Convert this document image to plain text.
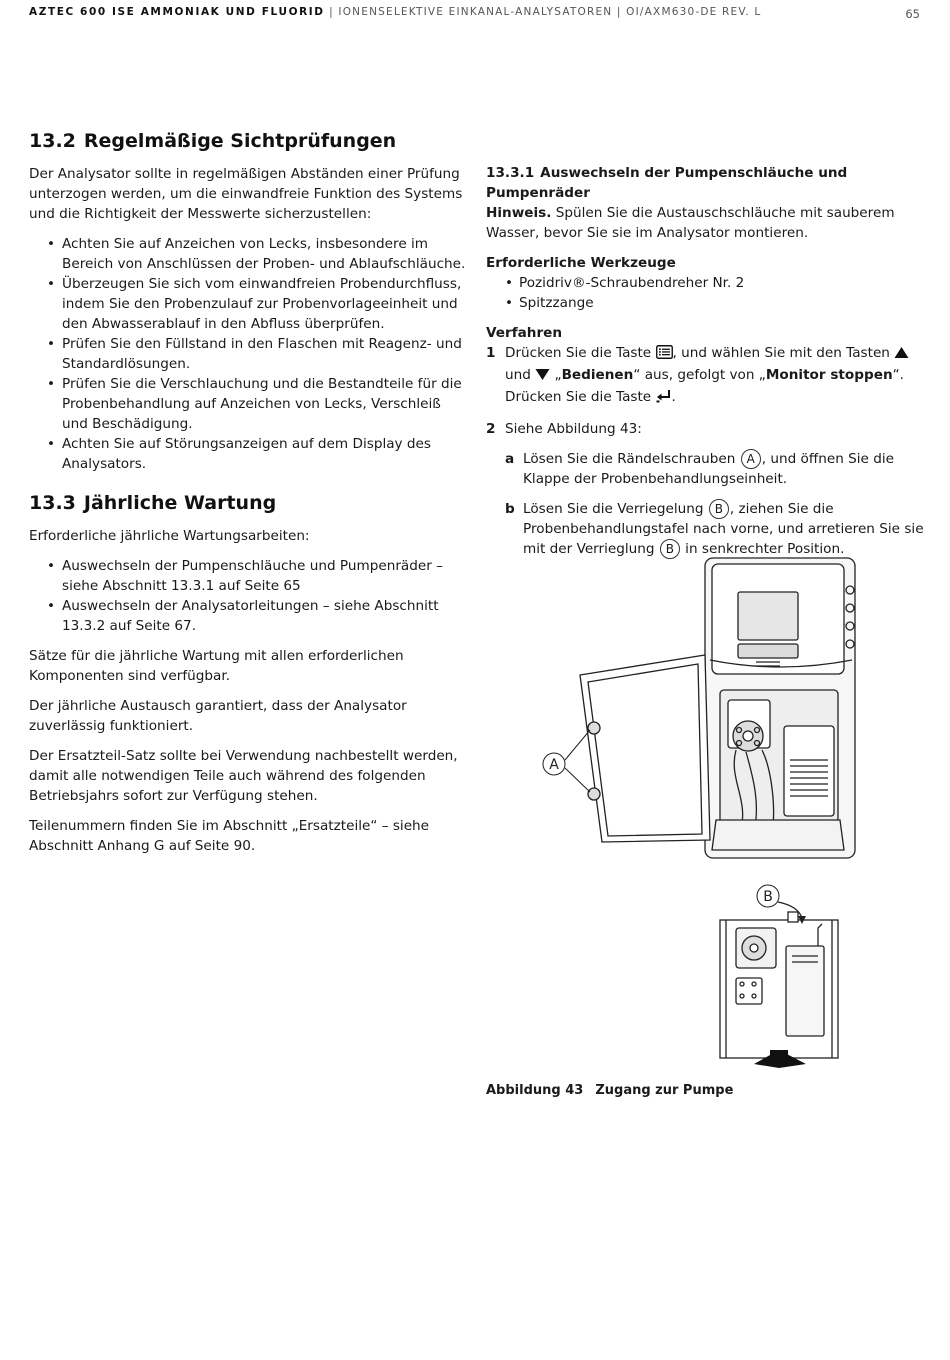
AZTEC 600 ISE AMMONIAK UND FLUORID | IONENSELEKTIVE EINKANAL-ANALYSATOREN | OI/AXM630-DE REV. L	65
13.2 Regelmäßige Sichtprüfungen

Der Analysator sollte in regelmäßigen Abständen einer Prüfung unterzogen werden, um die einwandfreie Funktion des Systems und die Richtigkeit der Messwerte sicherzustellen:

• Achten Sie auf Anzeichen von Lecks, insbesondere im Bereich von Anschlüssen der Proben- und Ablaufschläuche.
• Überzeugen Sie sich vom einwandfreien Probendurchfluss, indem Sie den Probenzulauf zur Probenvorlageeinheit und den Abwasserablauf in den Abfluss überprüfen.
• Prüfen Sie den Füllstand in den Flaschen mit Reagenz- und Standardlösungen.
• Prüfen Sie die Verschlauchung und die Bestandteile für die Probenbehandlung auf Anzeichen von Lecks, Verschleiß und Beschädigung.
• Achten Sie auf Störungsanzeigen auf dem Display des Analysators.
13.3 Jährliche Wartung

Erforderliche jährliche Wartungsarbeiten:

• Auswechseln der Pumpenschläuche und Pumpenräder – siehe Abschnitt 13.3.1 auf Seite 65
• Auswechseln der Analysatorleitungen – siehe Abschnitt 13.3.2 auf Seite 67.

Sätze für die jährliche Wartung mit allen erforderlichen Komponenten sind verfügbar.

Der jährliche Austausch garantiert, dass der Analysator zuverlässig funktioniert.

Der Ersatzteil-Satz sollte bei Verwendung nachbestellt werden, damit alle notwendigen Teile auch während des folgenden Betriebsjahrs sofort zur Verfügung stehen.

Teilenummern finden Sie im Abschnitt „Ersatzteile“ – siehe Abschnitt Anhang G auf Seite 90.

13.3.1 Auswechseln der Pumpenschläuche und Pumpenräder

Hinweis. Spülen Sie die Austauschschläuche mit sauberem Wasser, bevor Sie sie im Analysator montieren.

Erforderliche Werkzeuge
• Pozidriv®-Schraubendreher Nr. 2
• Spitzzange
Verfahren
1 Drücken Sie die Taste , und wählen Sie mit den Tasten
und  „Bedienen“ aus, gefolgt von „Monitor stoppen“. Drücken Sie die Taste .
2 Siehe Abbildung 43:
a Lösen Sie die Rändelschrauben A , und öffnen Sie die Klappe der Probenbehandlungseinheit.
b Lösen Sie die Verriegelung B , ziehen Sie die Probenbehandlungstafel nach vorne, und arretieren Sie sie mit der Verrieglung B in senkrechter Position.
A
B
Abbildung 43 Zugang zur Pumpe
